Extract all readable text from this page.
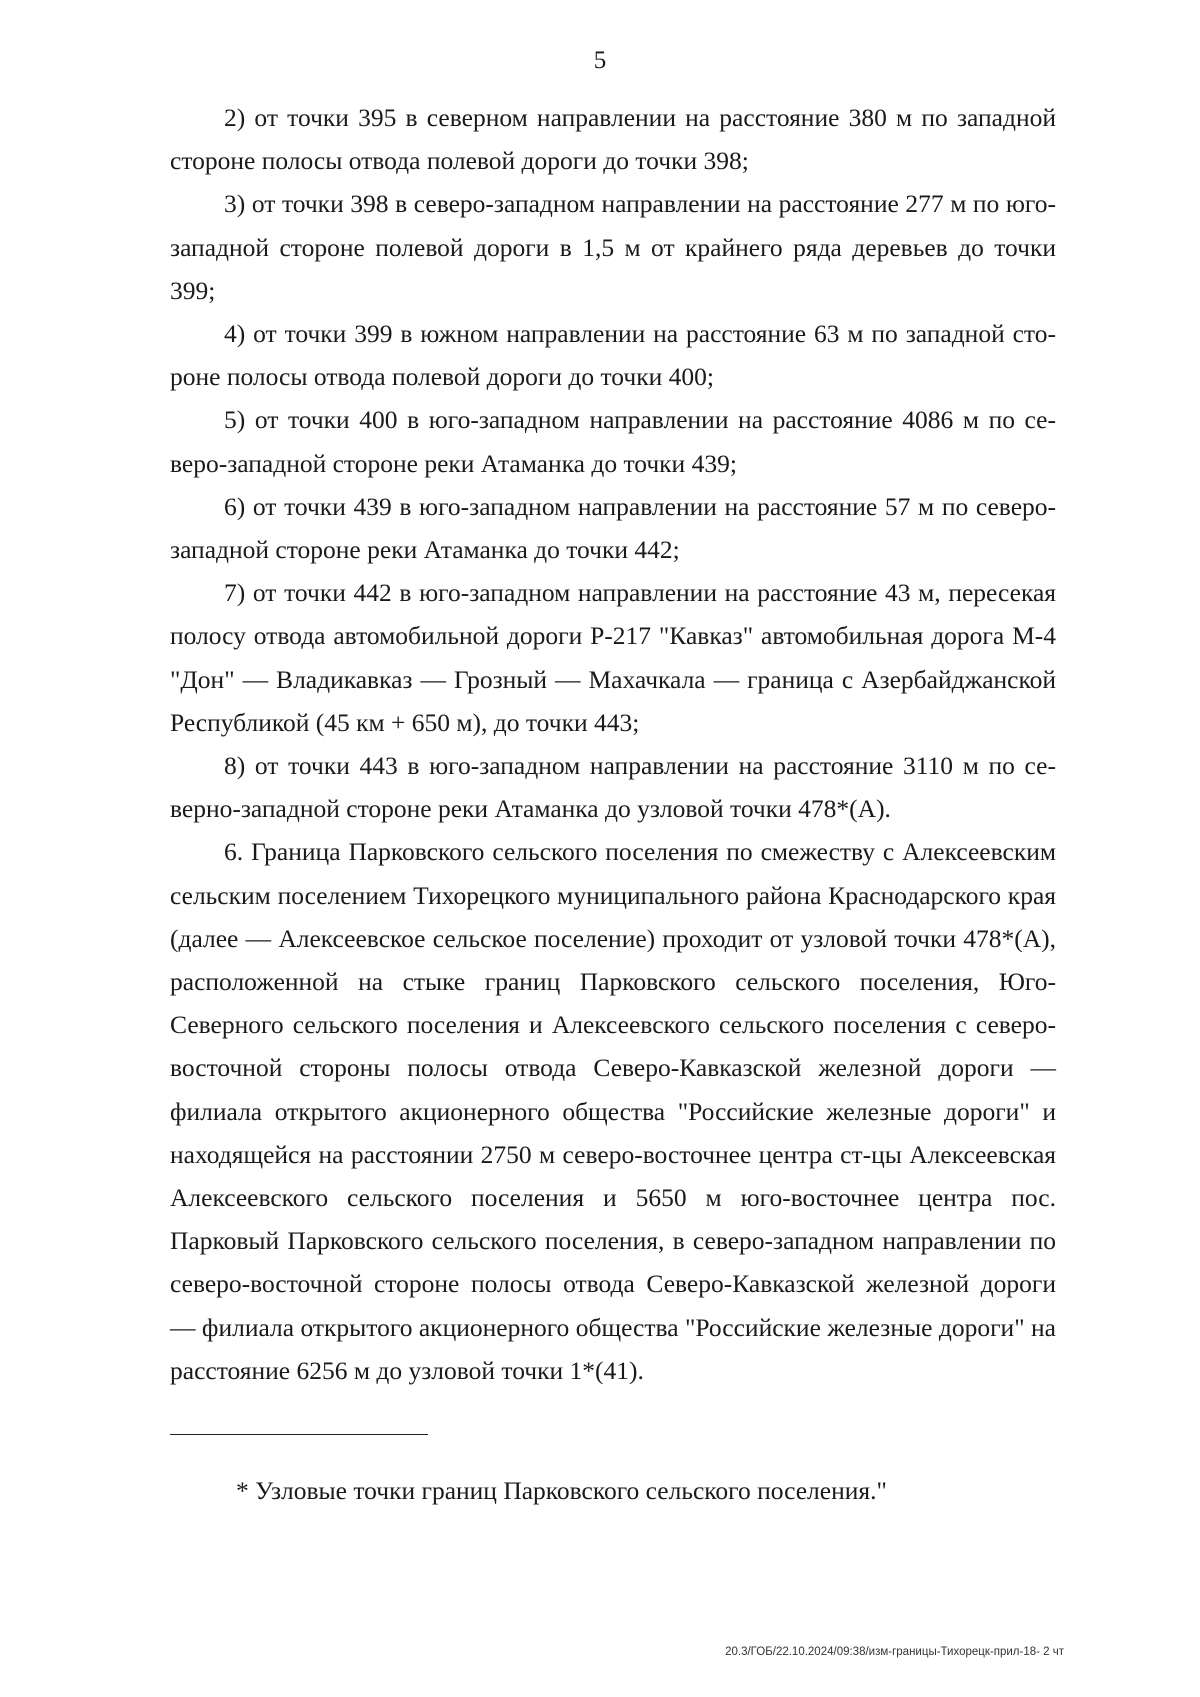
5

2) от точки 395 в северном направлении на расстояние 380 м по западной стороне полосы отвода полевой дороги до точки 398;

3) от точки 398 в северо-западном направлении на расстояние 277 м по юго-западной стороне полевой дороги в 1,5 м от крайнего ряда деревьев до точки 399;

4) от точки 399 в южном направлении на расстояние 63 м по западной стороне полосы отвода полевой дороги до точки 400;

5) от точки 400 в юго-западном направлении на расстояние 4086 м по северо-западной стороне реки Атаманка до точки 439;

6) от точки 439 в юго-западном направлении на расстояние 57 м по северо-западной стороне реки Атаманка до точки 442;

7) от точки 442 в юго-западном направлении на расстояние 43 м, пересекая полосу отвода автомобильной дороги Р-217 "Кавказ" автомобильная дорога М-4 "Дон" — Владикавказ — Грозный — Махачкала — граница с Азербайджанской Республикой (45 км + 650 м), до точки 443;

8) от точки 443 в юго-западном направлении на расстояние 3110 м по северно-западной стороне реки Атаманка до узловой точки 478*(А).

6. Граница Парковского сельского поселения по смежеству с Алексеевским сельским поселением Тихорецкого муниципального района Краснодарского края (далее — Алексеевское сельское поселение) проходит от узловой точки 478*(А), расположенной на стыке границ Парковского сельского поселения, Юго-Северного сельского поселения и Алексеевского сельского поселения с северо-восточной стороны полосы отвода Северо-Кавказской железной дороги — филиала открытого акционерного общества "Российские железные дороги" и находящейся на расстоянии 2750 м северо-восточнее центра ст-цы Алексеевская Алексеевского сельского поселения и 5650 м юго-восточнее центра пос. Парковый Парковского сельского поселения, в северо-западном направлении по северо-восточной стороне полосы отвода Северо-Кавказской железной дороги — филиала открытого акционерного общества "Российские железные дороги" на расстояние 6256 м до узловой точки 1*(41).

* Узловые точки границ Парковского сельского поселения."
20.3/ГОБ/22.10.2024/09:38/изм-границы-Тихорецк-прил-18- 2 чт
